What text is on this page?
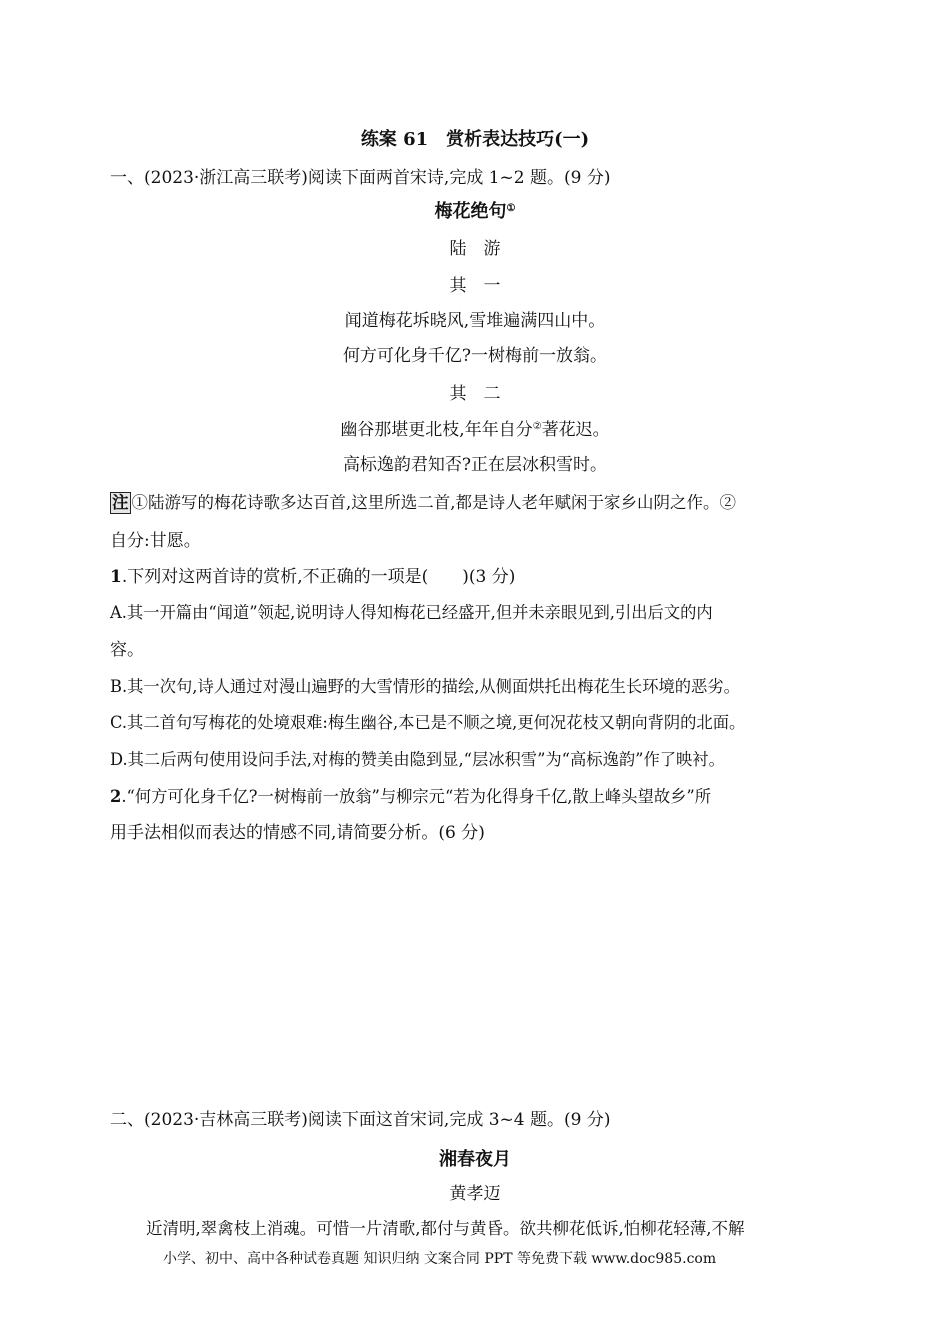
练案 61　赏析表达技巧(一)
一、(2023·浙江高三联考)阅读下面两首宋诗,完成 1~2 题。(9 分)
梅花绝句①
陆　游
其　一
闻道梅花坼晓风,雪堆遍满四山中。
何方可化身千亿?一树梅前一放翁。
其　二
幽谷那堪更北枝,年年自分②著花迟。
高标逸韵君知否?正在层冰积雪时。
注 ①陆游写的梅花诗歌多达百首,这里所选二首,都是诗人老年赋闲于家乡山阴之作。②
自分:甘愿。
1.下列对这两首诗的赏析,不正确的一项是(　　)(3 分)
A.其一开篇由“闻道”领起,说明诗人得知梅花已经盛开,但并未亲眼见到,引出后文的内
容。
B.其一次句,诗人通过对漫山遍野的大雪情形的描绘,从侧面烘托出梅花生长环境的恶劣。
C.其二首句写梅花的处境艰难:梅生幽谷,本已是不顺之境,更何况花枝又朝向背阴的北面。
D.其二后两句使用设问手法,对梅的赞美由隐到显,“层冰积雪”为“高标逸韵”作了映衬。
2.“何方可化身千亿?一树梅前一放翁”与柳宗元“若为化得身千亿,散上峰头望故乡”所
用手法相似而表达的情感不同,请简要分析。(6 分)
二、(2023·吉林高三联考)阅读下面这首宋词,完成 3~4 题。(9 分)
湘春夜月
黄孝迈
近清明,翠禽枝上消魂。可惜一片清歌,都付与黄昏。欲共柳花低诉,怕柳花轻薄,不解
小学、初中、高中各种试卷真题 知识归纳 文案合同 PPT 等免费下载 www.doc985.com
